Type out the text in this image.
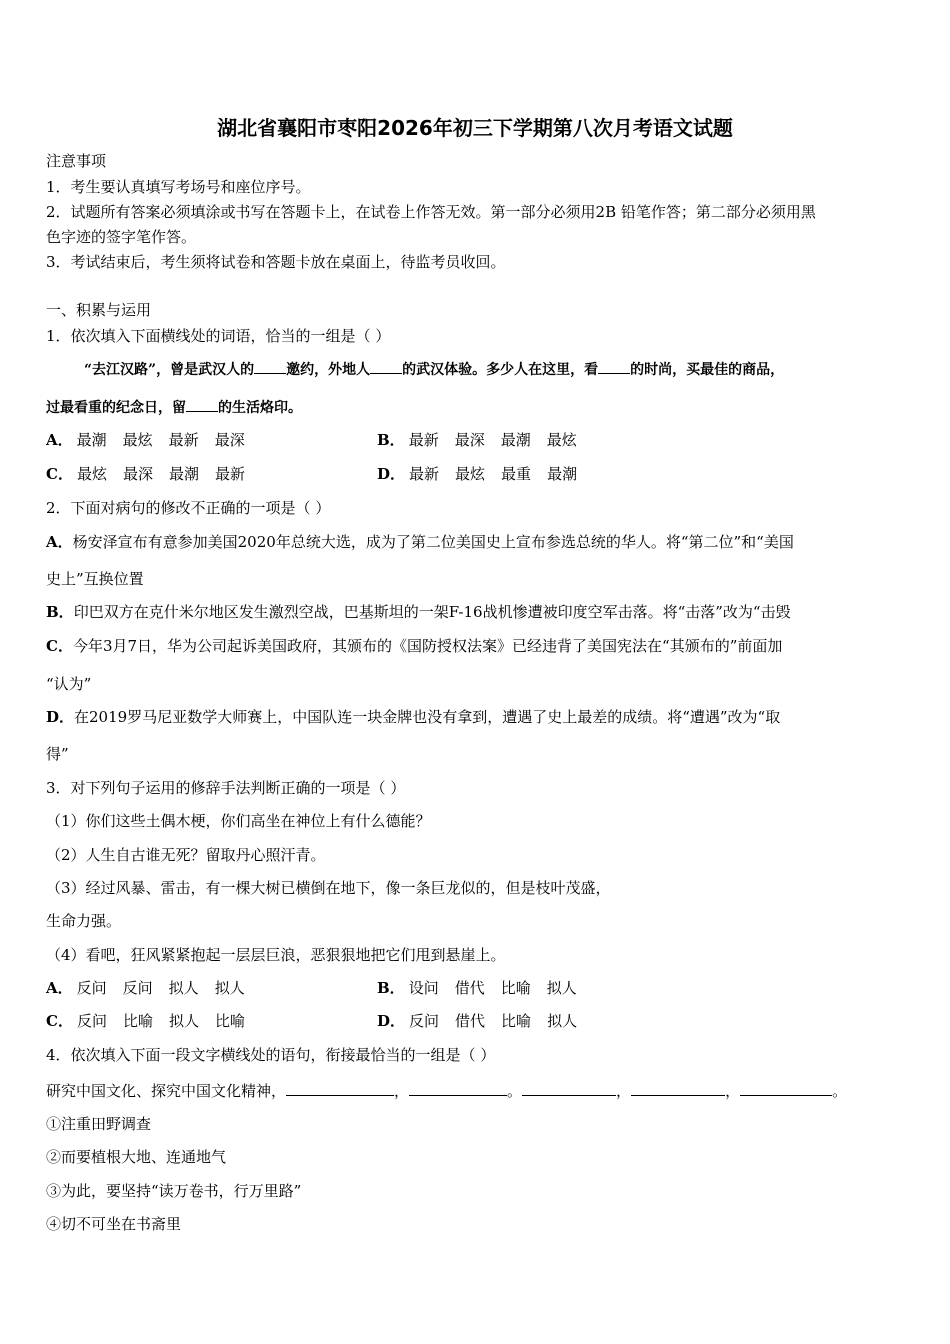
湖北省襄阳市枣阳2026年初三下学期第八次月考语文试题
注意事项
1．考生要认真填写考场号和座位序号。
2．试题所有答案必须填涂或书写在答题卡上，在试卷上作答无效。第一部分必须用2B 铅笔作答；第二部分必须用黑
色字迹的签字笔作答。
3．考试结束后，考生须将试卷和答题卡放在桌面上，待监考员收回。
一、积累与运用
1．依次填入下面横线处的词语，恰当的一组是（ ）
“去江汉路”，曾是武汉人的 邀约，外地人 的武汉体验。多少人在这里，看 的时尚，买最佳的商品，
过最看重的纪念日，留 的生活烙印。
A． 最潮 最炫 最新 最深	B． 最新 最深 最潮 最炫
C． 最炫 最深 最潮 最新	D． 最新 最炫 最重 最潮
2．下面对病句的修改不正确的一项是（ ）
A．杨安泽宣布有意参加美国2020年总统大选，成为了第二位美国史上宣布参选总统的华人。将“第二位”和“美国
史上”互换位置
B．印巴双方在克什米尔地区发生激烈空战，巴基斯坦的一架F-16战机惨遭被印度空军击落。将“击落”改为“击毁
C．今年3月7日，华为公司起诉美国政府，其颁布的《国防授权法案》已经违背了美国宪法在“其颁布的”前面加
“认为”
D．在2019罗马尼亚数学大师赛上，中国队连一块金牌也没有拿到，遭遇了史上最差的成绩。将“遭遇”改为“取
得”
3．对下列句子运用的修辞手法判断正确的一项是（ ）
（1）你们这些土偶木梗，你们高坐在神位上有什么德能？
（2）人生自古谁无死？留取丹心照汗青。
（3）经过风暴、雷击，有一棵大树已横倒在地下，像一条巨龙似的，但是枝叶茂盛，
生命力强。
（4）看吧，狂风紧紧抱起一层层巨浪，恶狠狠地把它们甩到悬崖上。
A． 反问 反问 拟人 拟人	B． 设问 借代 比喻 拟人
C． 反问 比喻 拟人 比喻	D． 反问 借代 比喻 拟人
4．依次填入下面一段文字横线处的语句，衔接最恰当的一组是（ ）
研究中国文化、探究中国文化精神，	，	。	，	，	。
①注重田野调查
②而要植根大地、连通地气
③为此，要坚持“读万卷书，行万里路”
④切不可坐在书斋里
